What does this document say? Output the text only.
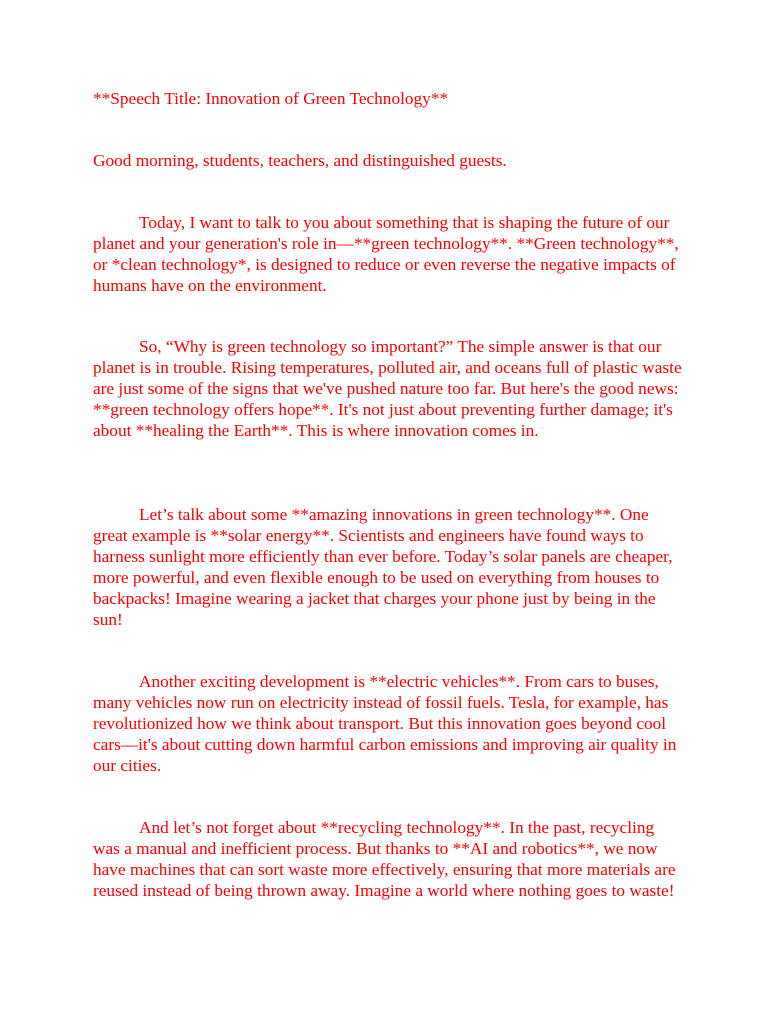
**Speech Title: Innovation of Green Technology**

Good morning, students, teachers, and distinguished guests.

Today, I want to talk to you about something that is shaping the future of our planet and your generation's role in—**green technology**. **Green technology**, or *clean technology*, is designed to reduce or even reverse the negative impacts of humans have on the environment.

So, “Why is green technology so important?” The simple answer is that our planet is in trouble. Rising temperatures, polluted air, and oceans full of plastic waste are just some of the signs that we've pushed nature too far. But here's the good news: **green technology offers hope**. It's not just about preventing further damage; it's about **healing the Earth**. This is where innovation comes in.

Let’s talk about some **amazing innovations in green technology**. One great example is **solar energy**. Scientists and engineers have found ways to harness sunlight more efficiently than ever before. Today’s solar panels are cheaper, more powerful, and even flexible enough to be used on everything from houses to backpacks! Imagine wearing a jacket that charges your phone just by being in the sun!

Another exciting development is **electric vehicles**. From cars to buses, many vehicles now run on electricity instead of fossil fuels. Tesla, for example, has revolutionized how we think about transport. But this innovation goes beyond cool cars—it's about cutting down harmful carbon emissions and improving air quality in our cities.

And let’s not forget about **recycling technology**. In the past, recycling was a manual and inefficient process. But thanks to **AI and robotics**, we now have machines that can sort waste more effectively, ensuring that more materials are reused instead of being thrown away. Imagine a world where nothing goes to waste!
